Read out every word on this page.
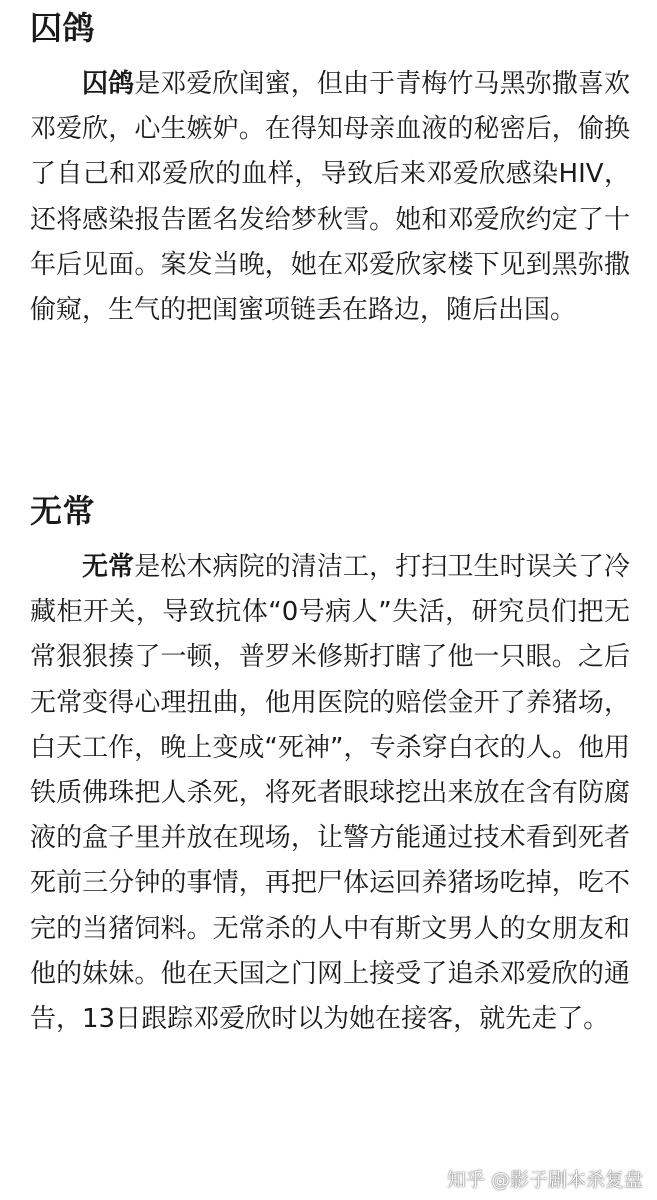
囚鸽

囚鸽是邓爱欣闺蜜，但由于青梅竹马黑弥撒喜欢邓爱欣，心生嫉妒。在得知母亲血液的秘密后，偷换了自己和邓爱欣的血样，导致后来邓爱欣感染HIV，还将感染报告匿名发给梦秋雪。她和邓爱欣约定了十年后见面。案发当晚，她在邓爱欣家楼下见到黑弥撒偷窥，生气的把闺蜜项链丢在路边，随后出国。

无常

无常是松木病院的清洁工，打扫卫生时误关了冷藏柜开关，导致抗体“0号病人”失活，研究员们把无常狠狠揍了一顿，普罗米修斯打瞎了他一只眼。之后无常变得心理扭曲，他用医院的赔偿金开了养猪场，白天工作，晚上变成“死神”，专杀穿白衣的人。他用铁质佛珠把人杀死，将死者眼球挖出来放在含有防腐液的盒子里并放在现场，让警方能通过技术看到死者死前三分钟的事情，再把尸体运回养猪场吃掉，吃不完的当猪饲料。无常杀的人中有斯文男人的女朋友和他的妹妹。他在天国之门网上接受了追杀邓爱欣的通告，13日跟踪邓爱欣时以为她在接客，就先走了。

知乎 @影子剧本杀复盘
